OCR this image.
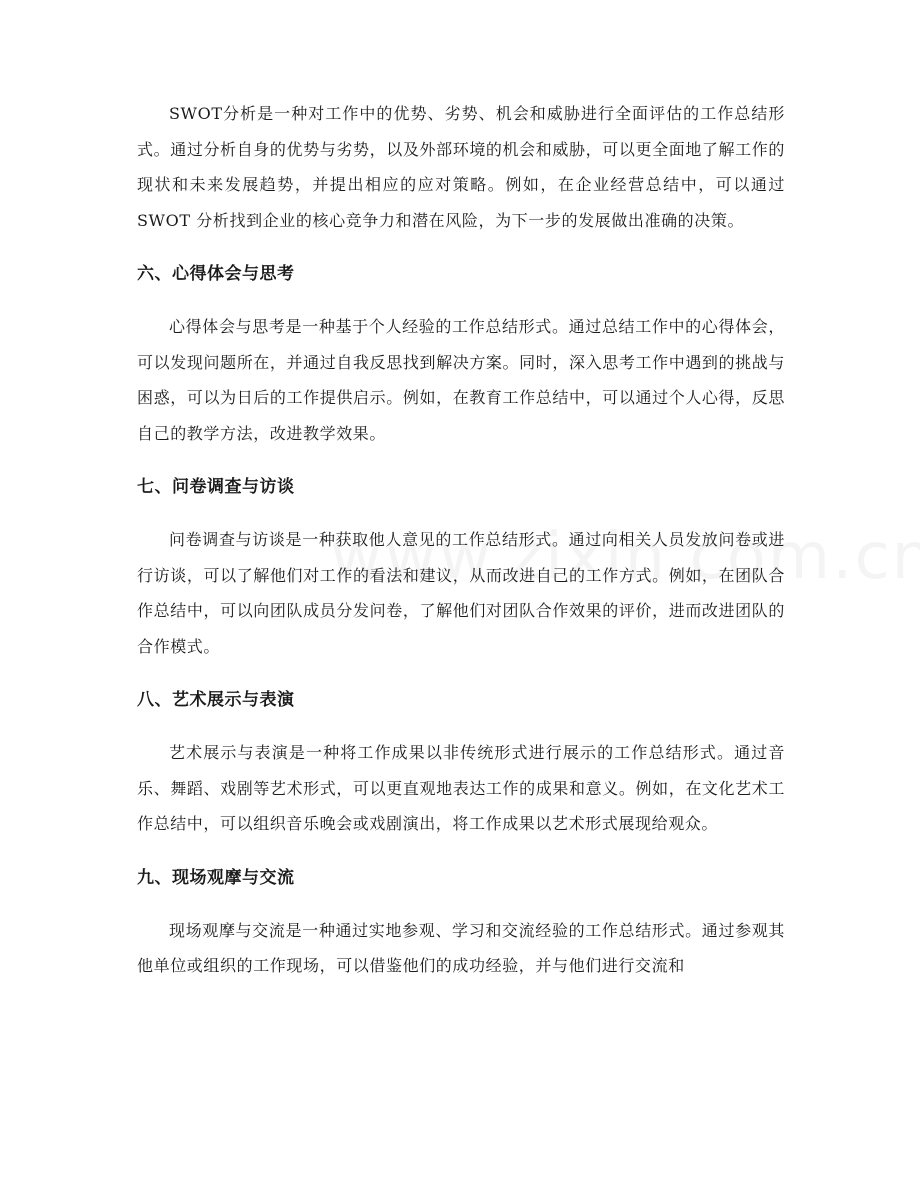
SWOT分析是一种对工作中的优势、劣势、机会和威胁进行全面评估的工作总结形式。通过分析自身的优势与劣势，以及外部环境的机会和威胁，可以更全面地了解工作的现状和未来发展趋势，并提出相应的应对策略。例如，在企业经营总结中，可以通过 SWOT 分析找到企业的核心竞争力和潜在风险，为下一步的发展做出准确的决策。

六、心得体会与思考

心得体会与思考是一种基于个人经验的工作总结形式。通过总结工作中的心得体会，可以发现问题所在，并通过自我反思找到解决方案。同时，深入思考工作中遇到的挑战与困惑，可以为日后的工作提供启示。例如，在教育工作总结中，可以通过个人心得，反思自己的教学方法，改进教学效果。

七、问卷调查与访谈

问卷调查与访谈是一种获取他人意见的工作总结形式。通过向相关人员发放问卷或进行访谈，可以了解他们对工作的看法和建议，从而改进自己的工作方式。例如，在团队合作总结中，可以向团队成员分发问卷，了解他们对团队合作效果的评价，进而改进团队的合作模式。

八、艺术展示与表演

艺术展示与表演是一种将工作成果以非传统形式进行展示的工作总结形式。通过音乐、舞蹈、戏剧等艺术形式，可以更直观地表达工作的成果和意义。例如，在文化艺术工作总结中，可以组织音乐晚会或戏剧演出，将工作成果以艺术形式展现给观众。

九、现场观摩与交流

现场观摩与交流是一种通过实地参观、学习和交流经验的工作总结形式。通过参观其他单位或组织的工作现场，可以借鉴他们的成功经验，并与他们进行交流和
